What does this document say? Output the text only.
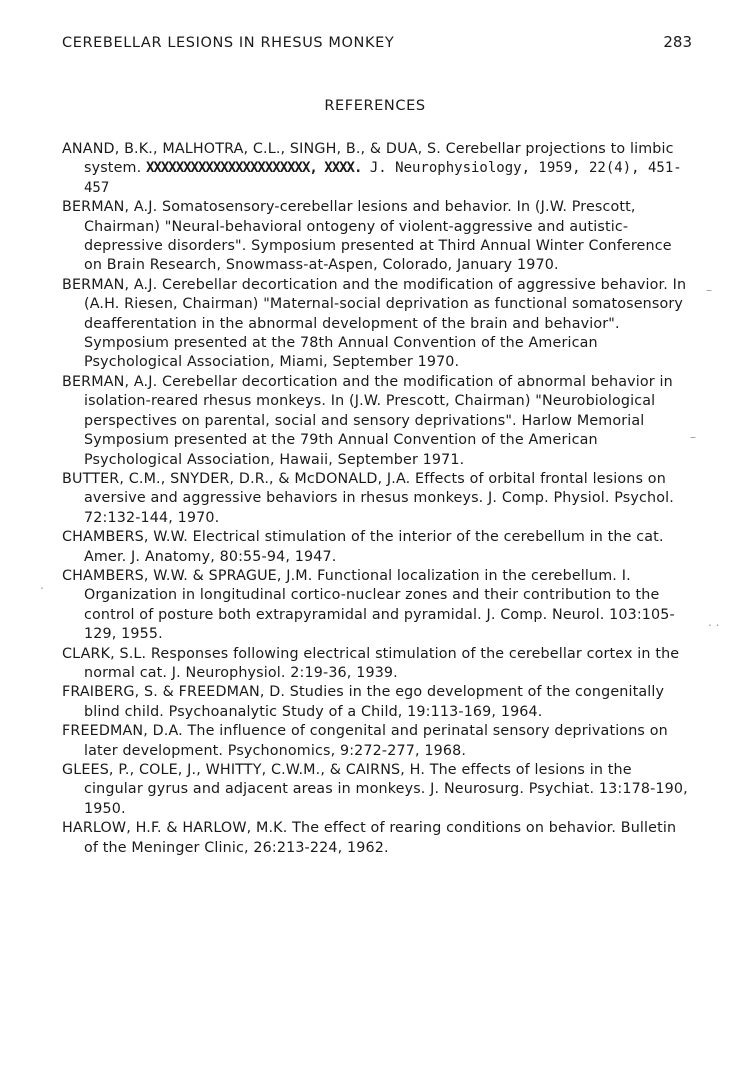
CEREBELLAR LESIONS IN RHESUS MONKEY	283
REFERENCES

ANAND, B.K., MALHOTRA, C.L., SINGH, B., & DUA, S. Cerebellar projections to limbic system. XXXXXXXXXXXXXXXXXXXXXX, XXXX. J. Neurophysiology, 1959, 22(4), 451-457

BERMAN, A.J. Somatosensory-cerebellar lesions and behavior. In (J.W. Prescott, Chairman) "Neural-behavioral ontogeny of violent-aggressive and autistic-depressive disorders". Symposium presented at Third Annual Winter Conference on Brain Research, Snowmass-at-Aspen, Colorado, January 1970.

BERMAN, A.J. Cerebellar decortication and the modification of aggressive behavior. In (A.H. Riesen, Chairman) "Maternal-social deprivation as functional somatosensory deafferentation in the abnormal development of the brain and behavior". Symposium presented at the 78th Annual Convention of the American Psychological Association, Miami, September 1970.

BERMAN, A.J. Cerebellar decortication and the modification of abnormal behavior in isolation-reared rhesus monkeys. In (J.W. Prescott, Chairman) "Neurobiological perspectives on parental, social and sensory deprivations". Harlow Memorial Symposium presented at the 79th Annual Convention of the American Psychological Association, Hawaii, September 1971.

BUTTER, C.M., SNYDER, D.R., & McDONALD, J.A. Effects of orbital frontal lesions on aversive and aggressive behaviors in rhesus monkeys. J. Comp. Physiol. Psychol. 72:132-144, 1970.

CHAMBERS, W.W. Electrical stimulation of the interior of the cerebellum in the cat. Amer. J. Anatomy, 80:55-94, 1947.

CHAMBERS, W.W. & SPRAGUE, J.M. Functional localization in the cerebellum. I. Organization in longitudinal cortico-nuclear zones and their contribution to the control of posture both extrapyramidal and pyramidal. J. Comp. Neurol. 103:105-129, 1955.

CLARK, S.L. Responses following electrical stimulation of the cerebellar cortex in the normal cat. J. Neurophysiol. 2:19-36, 1939.

FRAIBERG, S. & FREEDMAN, D. Studies in the ego development of the congenitally blind child. Psychoanalytic Study of a Child, 19:113-169, 1964.

FREEDMAN, D.A. The influence of congenital and perinatal sensory deprivations on later development. Psychonomics, 9:272-277, 1968.

GLEES, P., COLE, J., WHITTY, C.W.M., & CAIRNS, H. The effects of lesions in the cingular gyrus and adjacent areas in monkeys. J. Neurosurg. Psychiat. 13:178-190, 1950.

HARLOW, H.F. & HARLOW, M.K. The effect of rearing conditions on behavior. Bulletin of the Meninger Clinic, 26:213-224, 1962.

–
–
.
. .
